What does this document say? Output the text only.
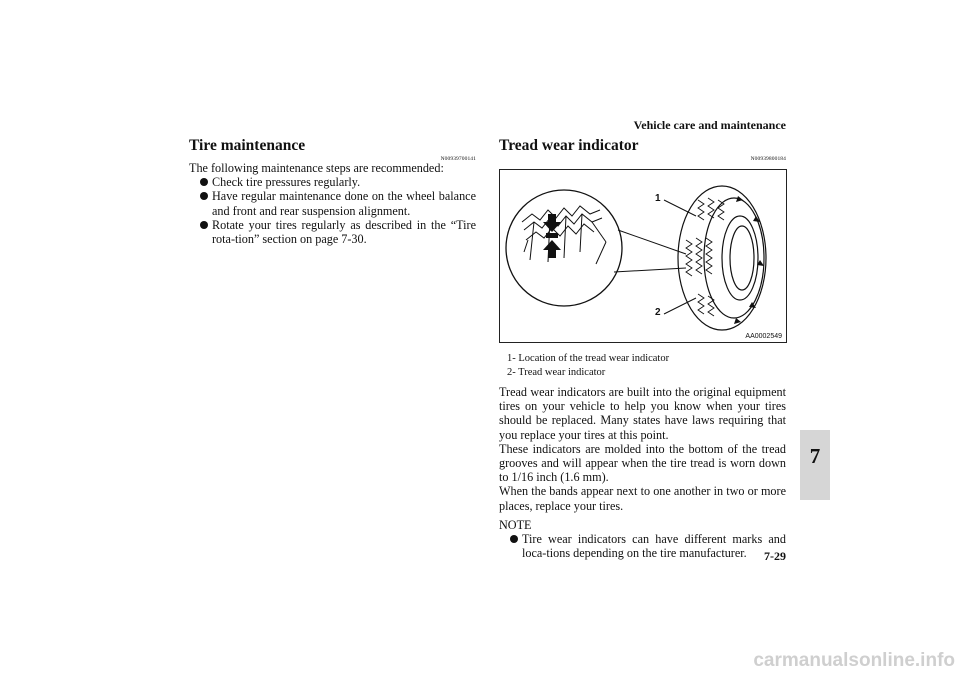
Vehicle care and maintenance
Tire maintenance
N00939700141
The following maintenance steps are recommended:
Check tire pressures regularly.
Have regular maintenance done on the wheel balance and front and rear suspension alignment.
Rotate your tires regularly as described in the “Tire rota-tion” section on page 7-30.
Tread wear indicator
N00939800184
1
2
AA0002549
1- Location of the tread wear indicator
2- Tread wear indicator
Tread wear indicators are built into the original equipment tires on your vehicle to help you know when your tires should be replaced. Many states have laws requiring that you replace your tires at this point.
These indicators are molded into the bottom of the tread grooves and will appear when the tire tread is worn down to 1/16 inch (1.6 mm).
When the bands appear next to one another in two or more places, replace your tires.
NOTE
Tire wear indicators can have different marks and loca-tions depending on the tire manufacturer.
7
7-29
carmanualsonline.info
